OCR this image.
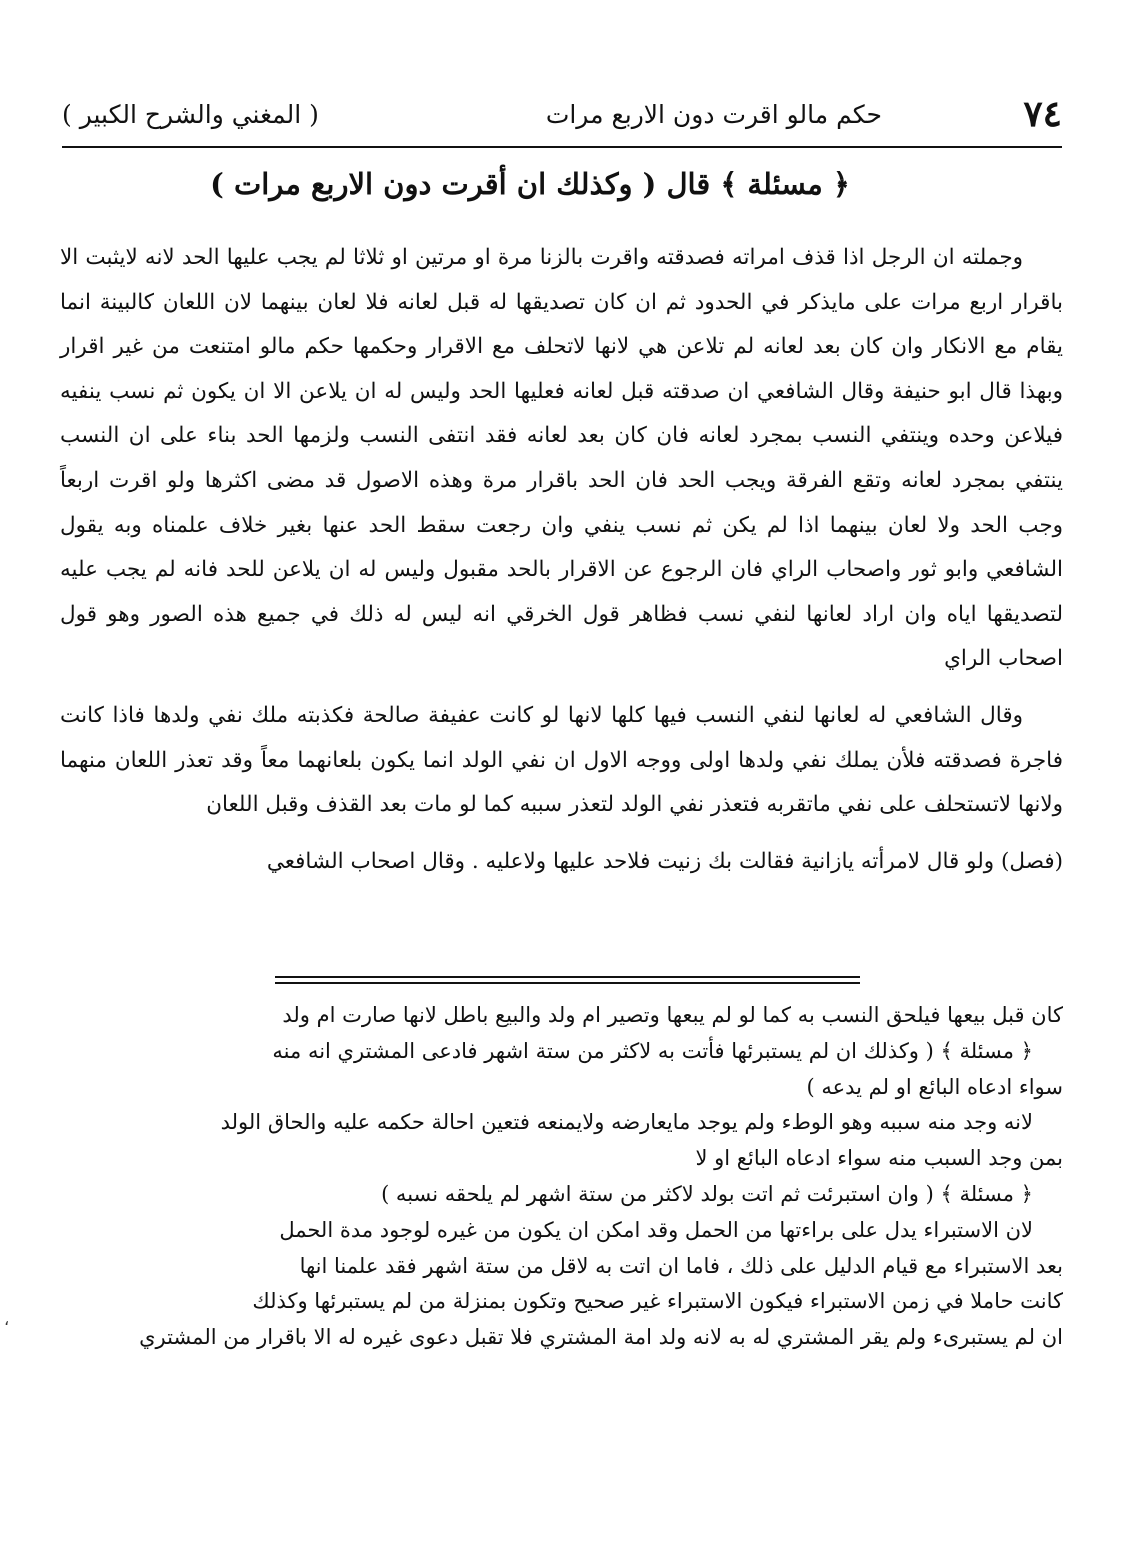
٧٤
حكم مالو اقرت دون الاربع مرات
( المغني والشرح الكبير )
﴿ مسئلة ﴾ قال ( وكذلك ان أقرت دون الاربع مرات )

وجملته ان الرجل اذا قذف امراته فصدقته واقرت بالزنا مرة او مرتين او ثلاثا لم يجب عليها الحد لانه لايثبت الا باقرار اربع مرات على مايذكر في الحدود ثم ان كان تصديقها له قبل لعانه فلا لعان بينهما لان اللعان كالبينة انما يقام مع الانكار وان كان بعد لعانه لم تلاعن هي لانها لاتحلف مع الاقرار وحكمها حكم مالو امتنعت من غير اقرار وبهذا قال ابو حنيفة وقال الشافعي ان صدقته قبل لعانه فعليها الحد وليس له ان يلاعن الا ان يكون ثم نسب ينفيه فيلاعن وحده وينتفي النسب بمجرد لعانه فان كان بعد لعانه فقد انتفى النسب ولزمها الحد بناء على ان النسب ينتفي بمجرد لعانه وتقع الفرقة ويجب الحد فان الحد باقرار مرة وهذه الاصول قد مضى اكثرها ولو اقرت اربعاً وجب الحد ولا لعان بينهما اذا لم يكن ثم نسب ينفي وان رجعت سقط الحد عنها بغير خلاف علمناه وبه يقول الشافعي وابو ثور واصحاب الراي فان الرجوع عن الاقرار بالحد مقبول وليس له ان يلاعن للحد فانه لم يجب عليه لتصديقها اياه وان اراد لعانها لنفي نسب فظاهر قول الخرقي انه ليس له ذلك في جميع هذه الصور وهو قول اصحاب الراي

وقال الشافعي له لعانها لنفي النسب فيها كلها لانها لو كانت عفيفة صالحة فكذبته ملك نفي ولدها فاذا كانت فاجرة فصدقته فلأن يملك نفي ولدها اولى ووجه الاول ان نفي الولد انما يكون بلعانهما معاً وقد تعذر اللعان منهما ولانها لاتستحلف على نفي ماتقربه فتعذر نفي الولد لتعذر سببه كما لو مات بعد القذف وقبل اللعان

(فصل) ولو قال لامرأته يازانية فقالت بك زنيت فلاحد عليها ولاعليه . وقال اصحاب الشافعي

كان قبل بيعها فيلحق النسب به كما لو لم يبعها وتصير ام ولد والبيع باطل لانها صارت ام ولد

﴿ مسئلة ﴾ ( وكذلك ان لم يستبرئها فأتت به لاكثر من ستة اشهر فادعى المشتري انه منه

سواء ادعاه البائع او لم يدعه )

لانه وجد منه سببه وهو الوطء ولم يوجد مايعارضه ولايمنعه فتعين احالة حكمه عليه والحاق الولد

بمن وجد السبب منه سواء ادعاه البائع او لا

﴿ مسئلة ﴾ ( وان استبرئت ثم اتت بولد لاكثر من ستة اشهر لم يلحقه نسبه )

لان الاستبراء يدل على براءتها من الحمل وقد امكن ان يكون من غيره لوجود مدة الحمل

بعد الاستبراء مع قيام الدليل على ذلك ، فاما ان اتت به لاقل من ستة اشهر فقد علمنا انها

كانت حاملا في زمن الاستبراء فيكون الاستبراء غير صحيح وتكون بمنزلة من لم يستبرئها وكذلك

ان لم يستبرىء ولم يقر المشتري له به لانه ولد امة المشتري فلا تقبل دعوى غيره له الا باقرار من المشتري

،
